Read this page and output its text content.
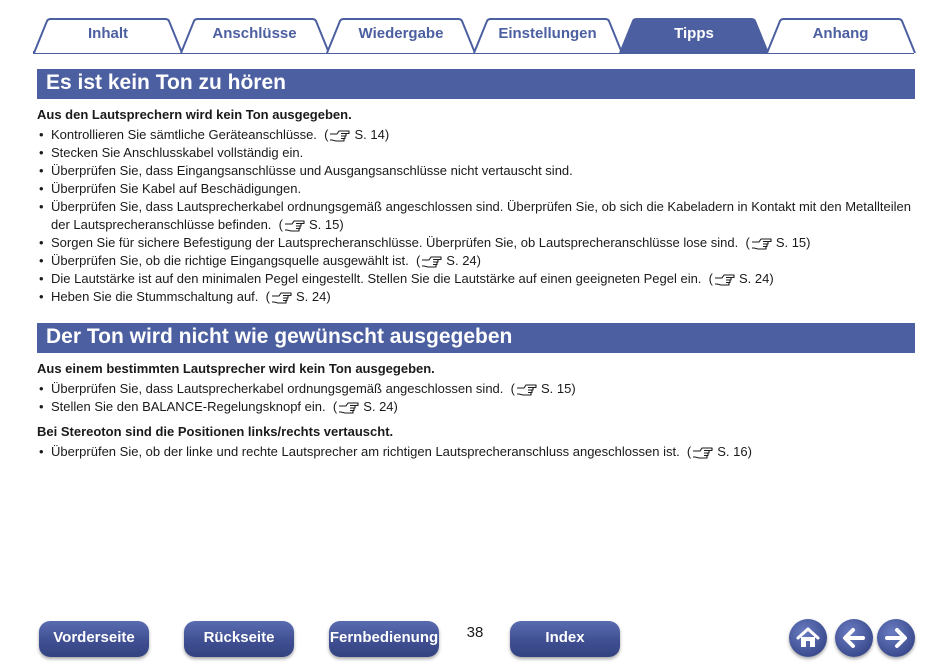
Inhalt	Anschlüsse	Wiedergabe	Einstellungen	Tipps	Anhang
Es ist kein Ton zu hören
Aus den Lautsprechern wird kein Ton ausgegeben.
• Kontrollieren Sie sämtliche Geräteanschlüsse.  ( S. 14)
• Stecken Sie Anschlusskabel vollständig ein.
• Überprüfen Sie, dass Eingangsanschlüsse und Ausgangsanschlüsse nicht vertauscht sind.
• Überprüfen Sie Kabel auf Beschädigungen.
• Überprüfen Sie, dass Lautsprecherkabel ordnungsgemäß angeschlossen sind. Überprüfen Sie, ob sich die Kabeladern in Kontakt mit den Metallteilen der Lautsprecheranschlüsse befinden.  ( S. 15)
• Sorgen Sie für sichere Befestigung der Lautsprecheranschlüsse. Überprüfen Sie, ob Lautsprecheranschlüsse lose sind.  ( S. 15)
• Überprüfen Sie, ob die richtige Eingangsquelle ausgewählt ist.  ( S. 24)
• Die Lautstärke ist auf den minimalen Pegel eingestellt. Stellen Sie die Lautstärke auf einen geeigneten Pegel ein.  ( S. 24)
• Heben Sie die Stummschaltung auf.  ( S. 24)
Der Ton wird nicht wie gewünscht ausgegeben
Aus einem bestimmten Lautsprecher wird kein Ton ausgegeben.
• Überprüfen Sie, dass Lautsprecherkabel ordnungsgemäß angeschlossen sind.  ( S. 15)
• Stellen Sie den BALANCE-Regelungsknopf ein.  ( S. 24)
Bei Stereoton sind die Positionen links/rechts vertauscht.
• Überprüfen Sie, ob der linke und rechte Lautsprecher am richtigen Lautsprecheranschluss angeschlossen ist.  ( S. 16)
Vorderseite	Rückseite	Fernbedienung	38	Index
